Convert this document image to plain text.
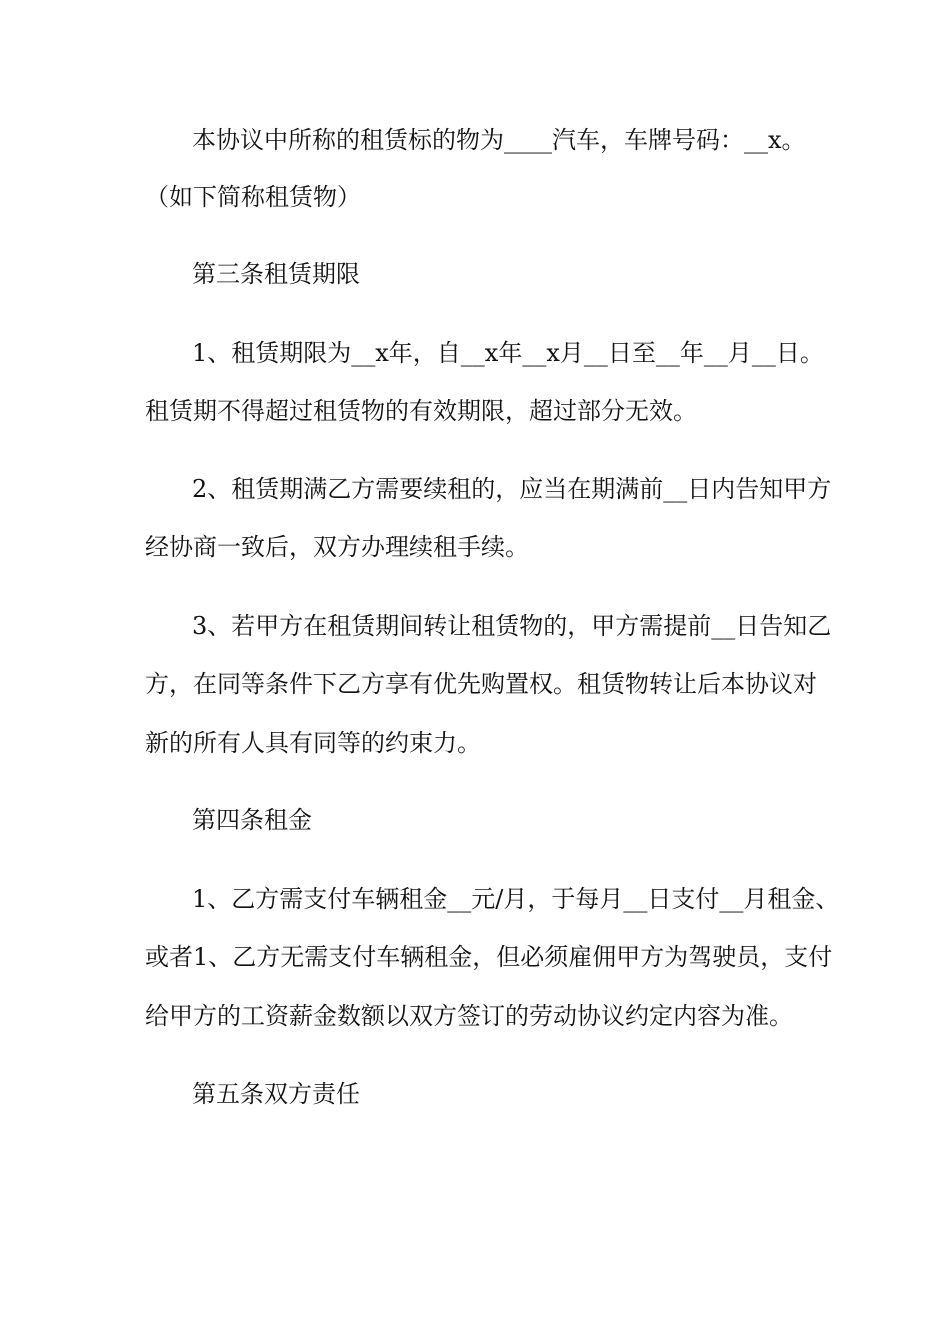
本协议中所称的租赁标的物为____汽车，车牌号码：__x。

（如下简称租赁物）

第三条租赁期限

1、租赁期限为__x年，自__x年__x月__日至__年__月__日。

租赁期不得超过租赁物的有效期限，超过部分无效。

2、租赁期满乙方需要续租的，应当在期满前__日内告知甲方

经协商一致后，双方办理续租手续。

3、若甲方在租赁期间转让租赁物的，甲方需提前__日告知乙

方，在同等条件下乙方享有优先购置权。租赁物转让后本协议对

新的所有人具有同等的约束力。

第四条租金

1、乙方需支付车辆租金__元/月，于每月__日支付__月租金、

或者1、乙方无需支付车辆租金，但必须雇佣甲方为驾驶员，支付

给甲方的工资薪金数额以双方签订的劳动协议约定内容为准。

第五条双方责任
